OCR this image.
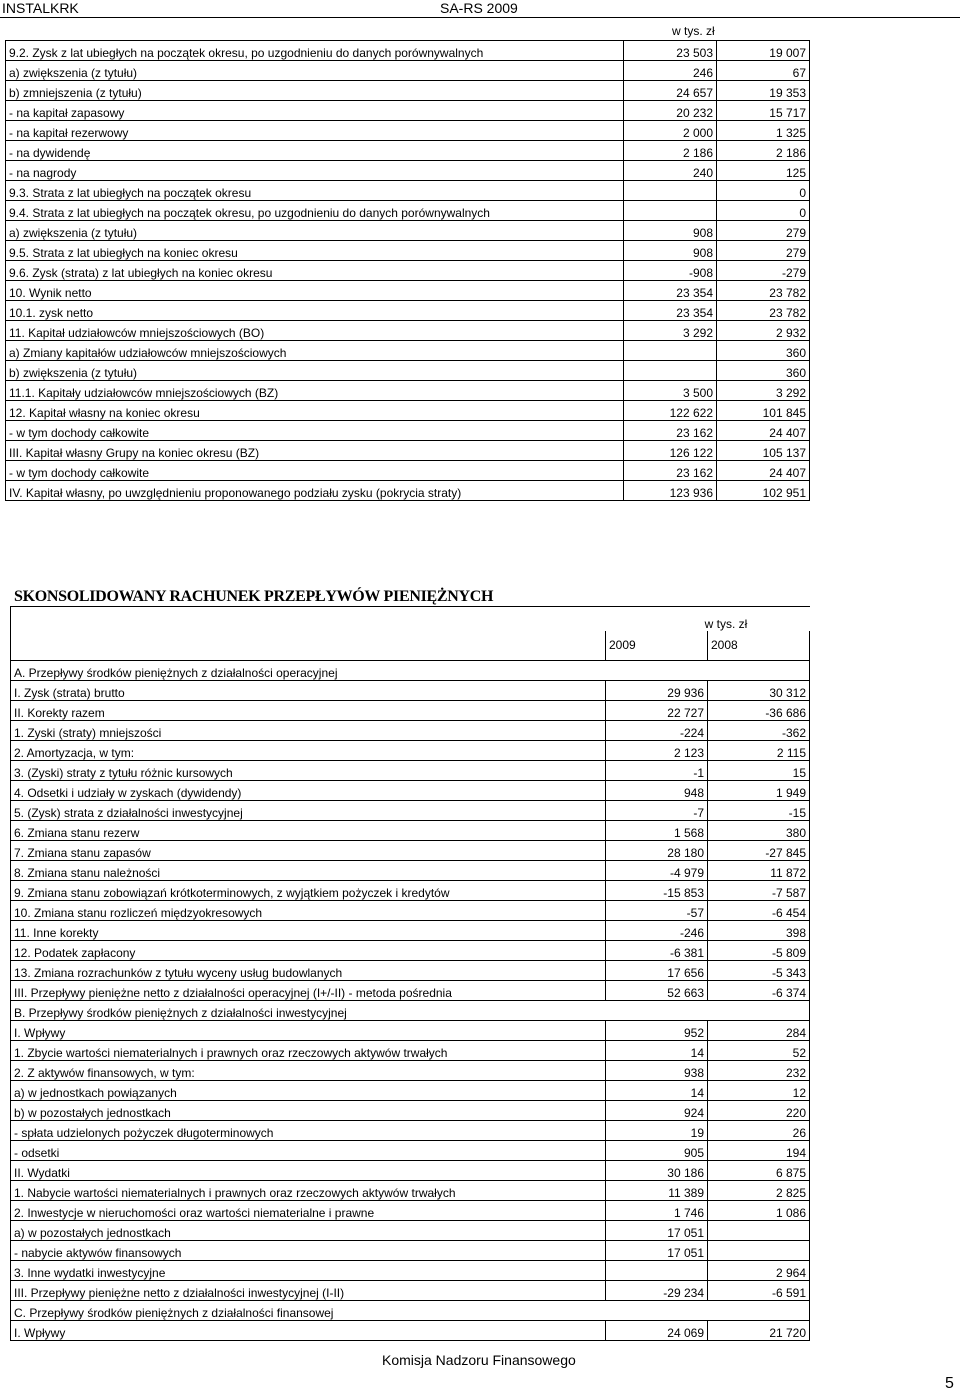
INSTALKRK	SA-RS 2009
w tys. zł
9.2. Zysk z lat ubiegłych na początek okresu, po uzgodnieniu do danych porównywalnych	23 503	19 007
a) zwiększenia (z tytułu)	246	67
b) zmniejszenia (z tytułu)	24 657	19 353
- na kapitał zapasowy	20 232	15 717
- na kapitał rezerwowy	2 000	1 325
- na dywidendę	2 186	2 186
- na nagrody	240	125
9.3. Strata z lat ubiegłych na początek okresu		0
9.4. Strata z lat ubiegłych na początek okresu, po uzgodnieniu do danych porównywalnych		0
a) zwiększenia (z tytułu)	908	279
9.5. Strata z lat ubiegłych na koniec okresu	908	279
9.6. Zysk (strata) z lat ubiegłych na koniec okresu	-908	-279
10. Wynik netto	23 354	23 782
10.1. zysk netto	23 354	23 782
11. Kapitał udziałowców mniejszościowych (BO)	3 292	2 932
a) Zmiany kapitałów udziałowców mniejszościowych		360
b) zwiększenia (z tytułu)		360
11.1. Kapitały udziałowców mniejszościowych (BZ)	3 500	3 292
12. Kapitał własny na koniec okresu	122 622	101 845
- w tym dochody całkowite	23 162	24 407
III. Kapitał własny Grupy na koniec okresu (BZ)	126 122	105 137
- w tym dochody całkowite	23 162	24 407
IV. Kapitał własny, po uwzględnieniu proponowanego podziału zysku (pokrycia straty)	123 936	102 951
SKONSOLIDOWANY RACHUNEK PRZEPŁYWÓW PIENIĘŻNYCH
	w tys. zł	
	2009	2008
A. Przepływy środków pieniężnych z działalności operacyjnej		
I. Zysk (strata) brutto	29 936	30 312
II. Korekty razem	22 727	-36 686
1. Zyski (straty) mniejszości	-224	-362
2. Amortyzacja, w tym:	2 123	2 115
3. (Zyski) straty z tytułu różnic kursowych	-1	15
4. Odsetki i udziały w zyskach (dywidendy)	948	1 949
5. (Zysk) strata z działalności inwestycyjnej	-7	-15
6. Zmiana stanu rezerw	1 568	380
7. Zmiana stanu zapasów	28 180	-27 845
8. Zmiana stanu należności	-4 979	11 872
9. Zmiana stanu zobowiązań krótkoterminowych, z wyjątkiem pożyczek i kredytów	-15 853	-7 587
10. Zmiana stanu rozliczeń międzyokresowych	-57	-6 454
11. Inne korekty	-246	398
12. Podatek zapłacony	-6 381	-5 809
13. Zmiana rozrachunków z tytułu wyceny usług budowlanych	17 656	-5 343
III. Przepływy pieniężne netto z działalności operacyjnej (I+/-II) - metoda pośrednia	52 663	-6 374
B. Przepływy środków pieniężnych z działalności inwestycyjnej		
I. Wpływy	952	284
1. Zbycie wartości niematerialnych i prawnych oraz rzeczowych aktywów trwałych	14	52
2. Z aktywów finansowych, w tym:	938	232
a) w jednostkach powiązanych	14	12
b) w pozostałych jednostkach	924	220
- spłata udzielonych pożyczek długoterminowych	19	26
- odsetki	905	194
II. Wydatki	30 186	6 875
1. Nabycie wartości niematerialnych i prawnych oraz rzeczowych aktywów trwałych	11 389	2 825
2. Inwestycje w nieruchomości oraz wartości niematerialne i prawne	1 746	1 086
a) w pozostałych jednostkach	17 051	
- nabycie aktywów finansowych	17 051	
3. Inne wydatki inwestycyjne		2 964
III. Przepływy pieniężne netto z działalności inwestycyjnej (I-II)	-29 234	-6 591
C. Przepływy środków pieniężnych z działalności finansowej		
I. Wpływy	24 069	21 720
Komisja Nadzoru Finansowego
5
